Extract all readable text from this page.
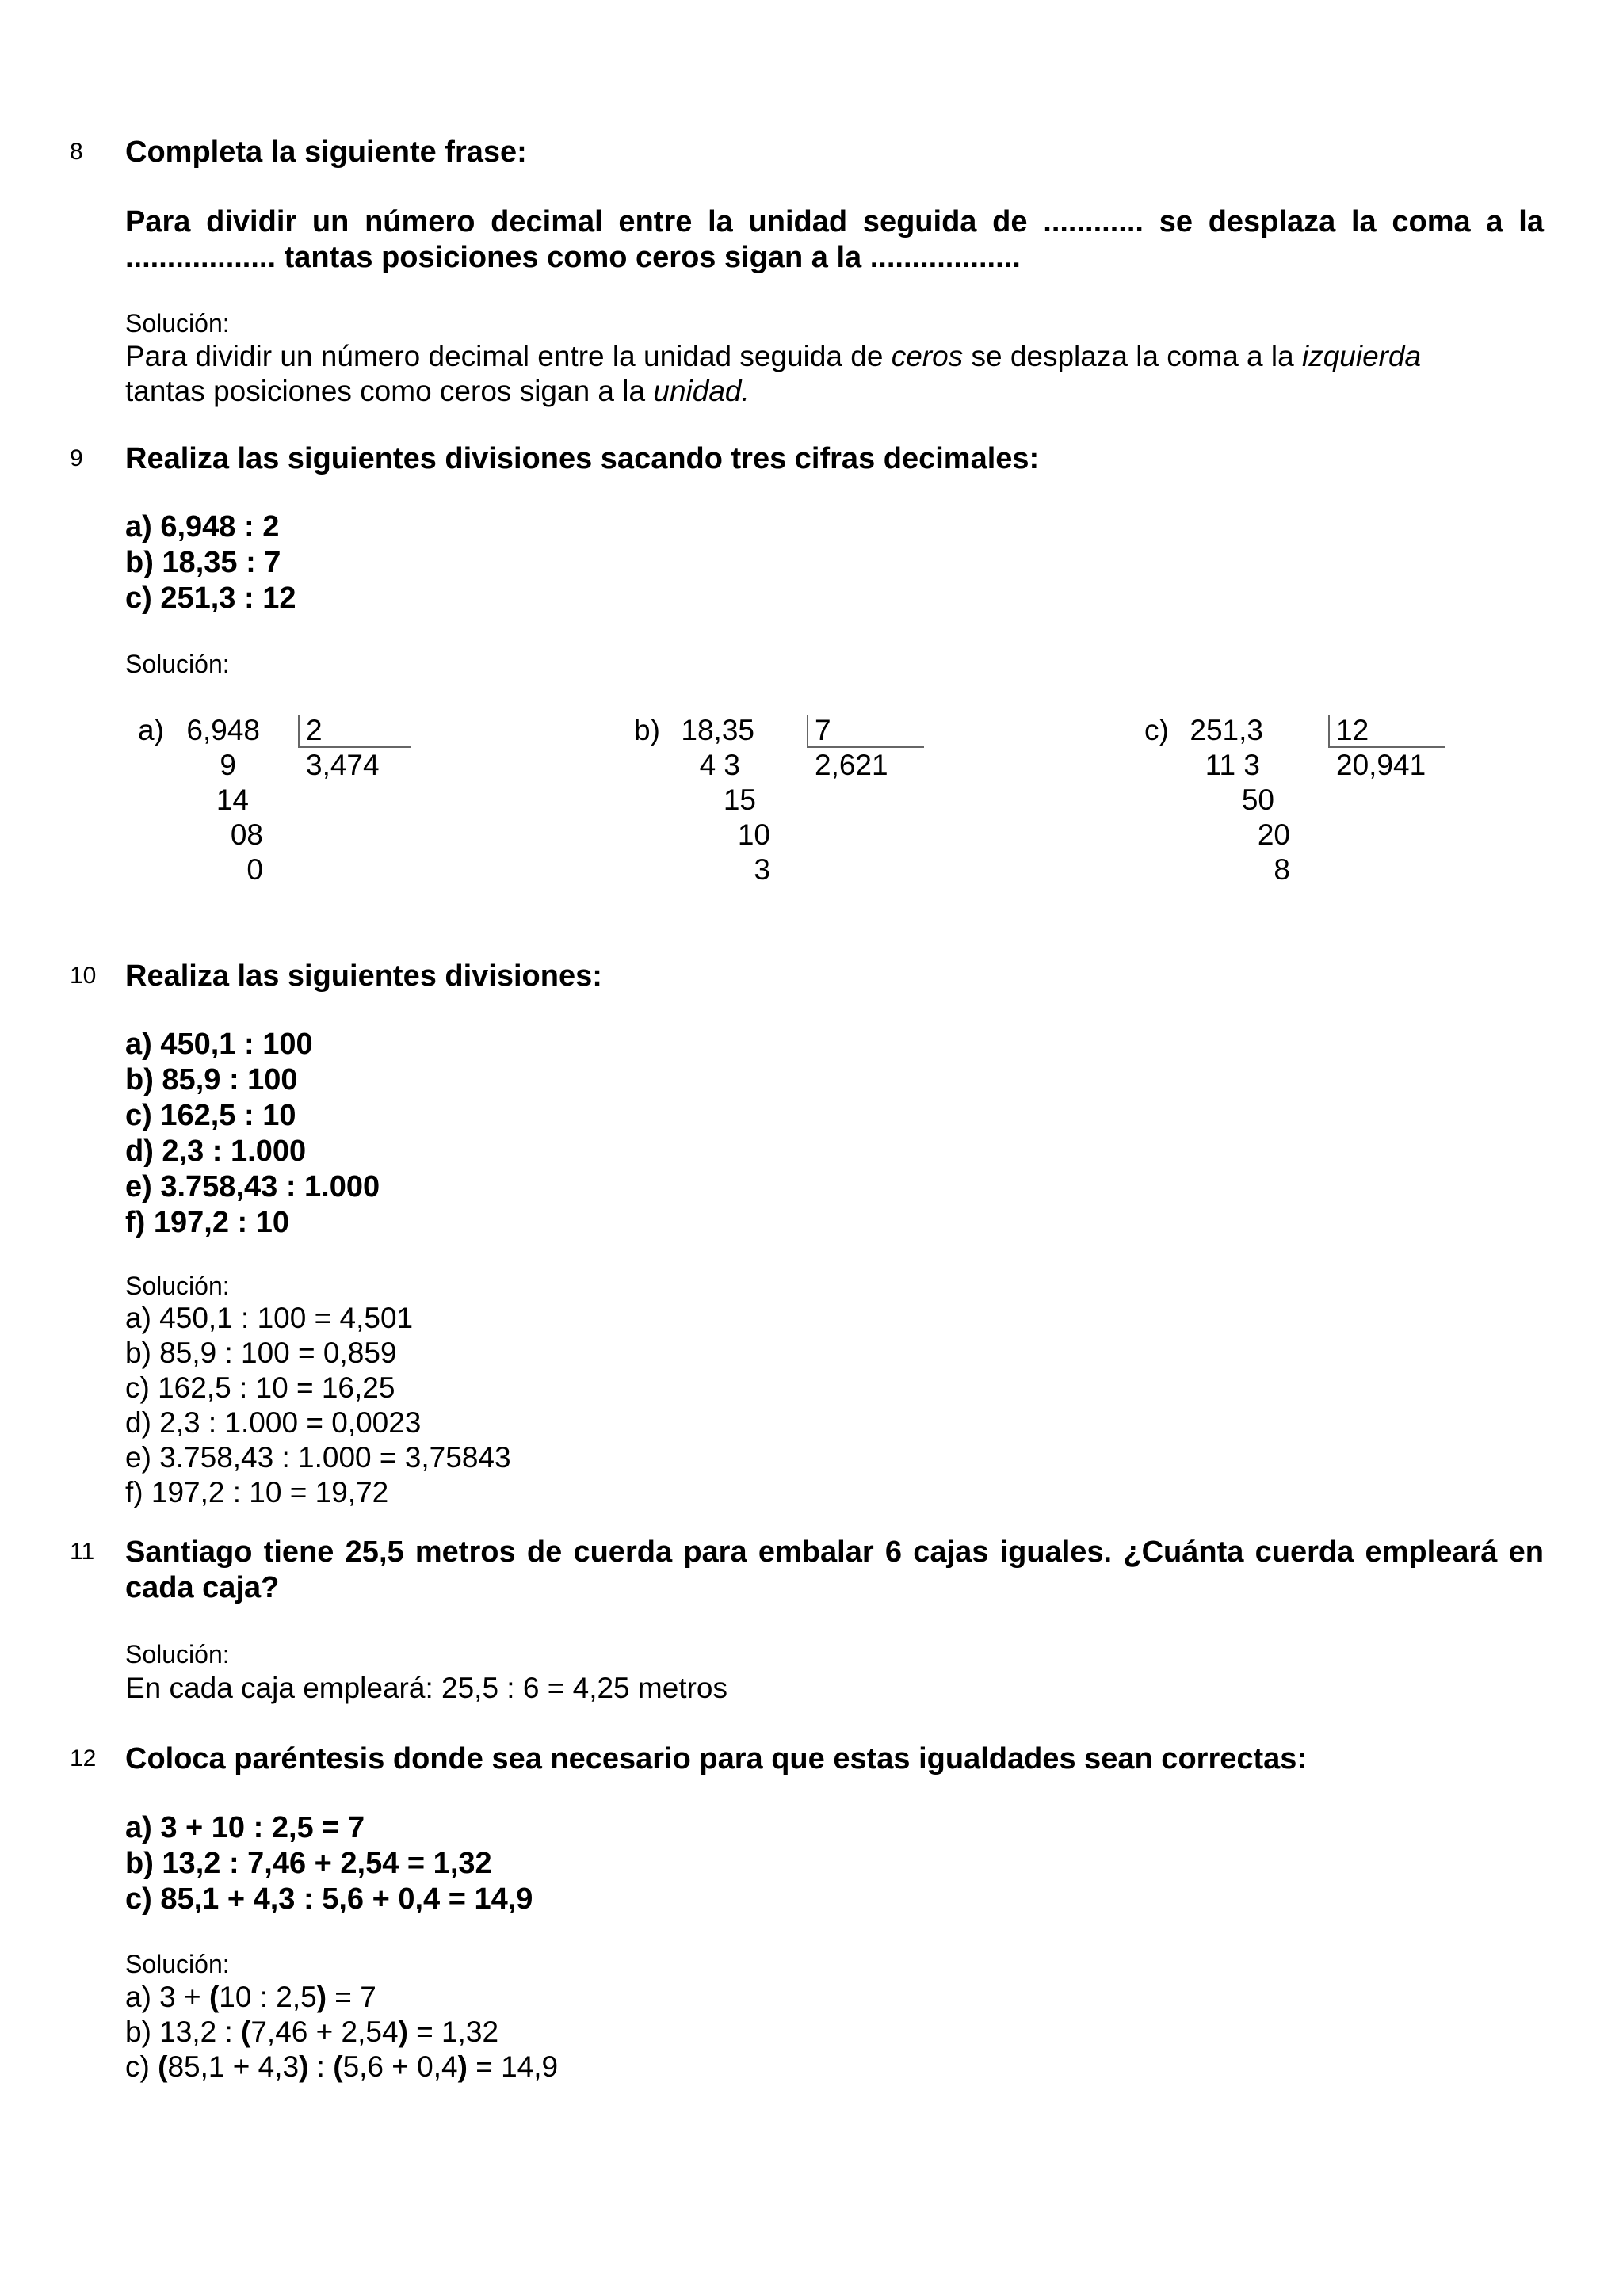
8 Completa la siguiente frase:
Para dividir un número decimal entre la unidad seguida de ............ se desplaza la coma a la
.................. tantas posiciones como ceros sigan a la ..................
Solución:
Para dividir un número decimal entre la unidad seguida de ceros se desplaza la coma a la izquierda
tantas posiciones como ceros sigan a la unidad.
9 Realiza las siguientes divisiones sacando tres cifras decimales:
a) 6,948 : 2
b) 18,35 : 7
c) 251,3 : 12
Solución:
a) 6,948 2
3,474
9
14
08
0
b) 18,35 7
2,621
4 3
15
10
3
c) 251,3 12
20,941
11 3
50
20
8
10 Realiza las siguientes divisiones:
a) 450,1 : 100
b) 85,9 : 100
c) 162,5 : 10
d) 2,3 : 1.000
e) 3.758,43 : 1.000
f) 197,2 : 10
Solución:
a) 450,1 : 100 = 4,501
b) 85,9 : 100 = 0,859
c) 162,5 : 10 = 16,25
d) 2,3 : 1.000 = 0,0023
e) 3.758,43 : 1.000 = 3,75843
f) 197,2 : 10 = 19,72
11 Santiago tiene 25,5 metros de cuerda para embalar 6 cajas iguales. ¿Cuánta cuerda empleará en
cada caja?
Solución:
En cada caja empleará: 25,5 : 6 = 4,25 metros
12 Coloca paréntesis donde sea necesario para que estas igualdades sean correctas:
a) 3 + 10 : 2,5 = 7
b) 13,2 : 7,46 + 2,54 = 1,32
c) 85,1 + 4,3 : 5,6 + 0,4 = 14,9
Solución:
a) 3 + (10 : 2,5) = 7
b) 13,2 : (7,46 + 2,54) = 1,32
c) (85,1 + 4,3) : (5,6 + 0,4) = 14,9
